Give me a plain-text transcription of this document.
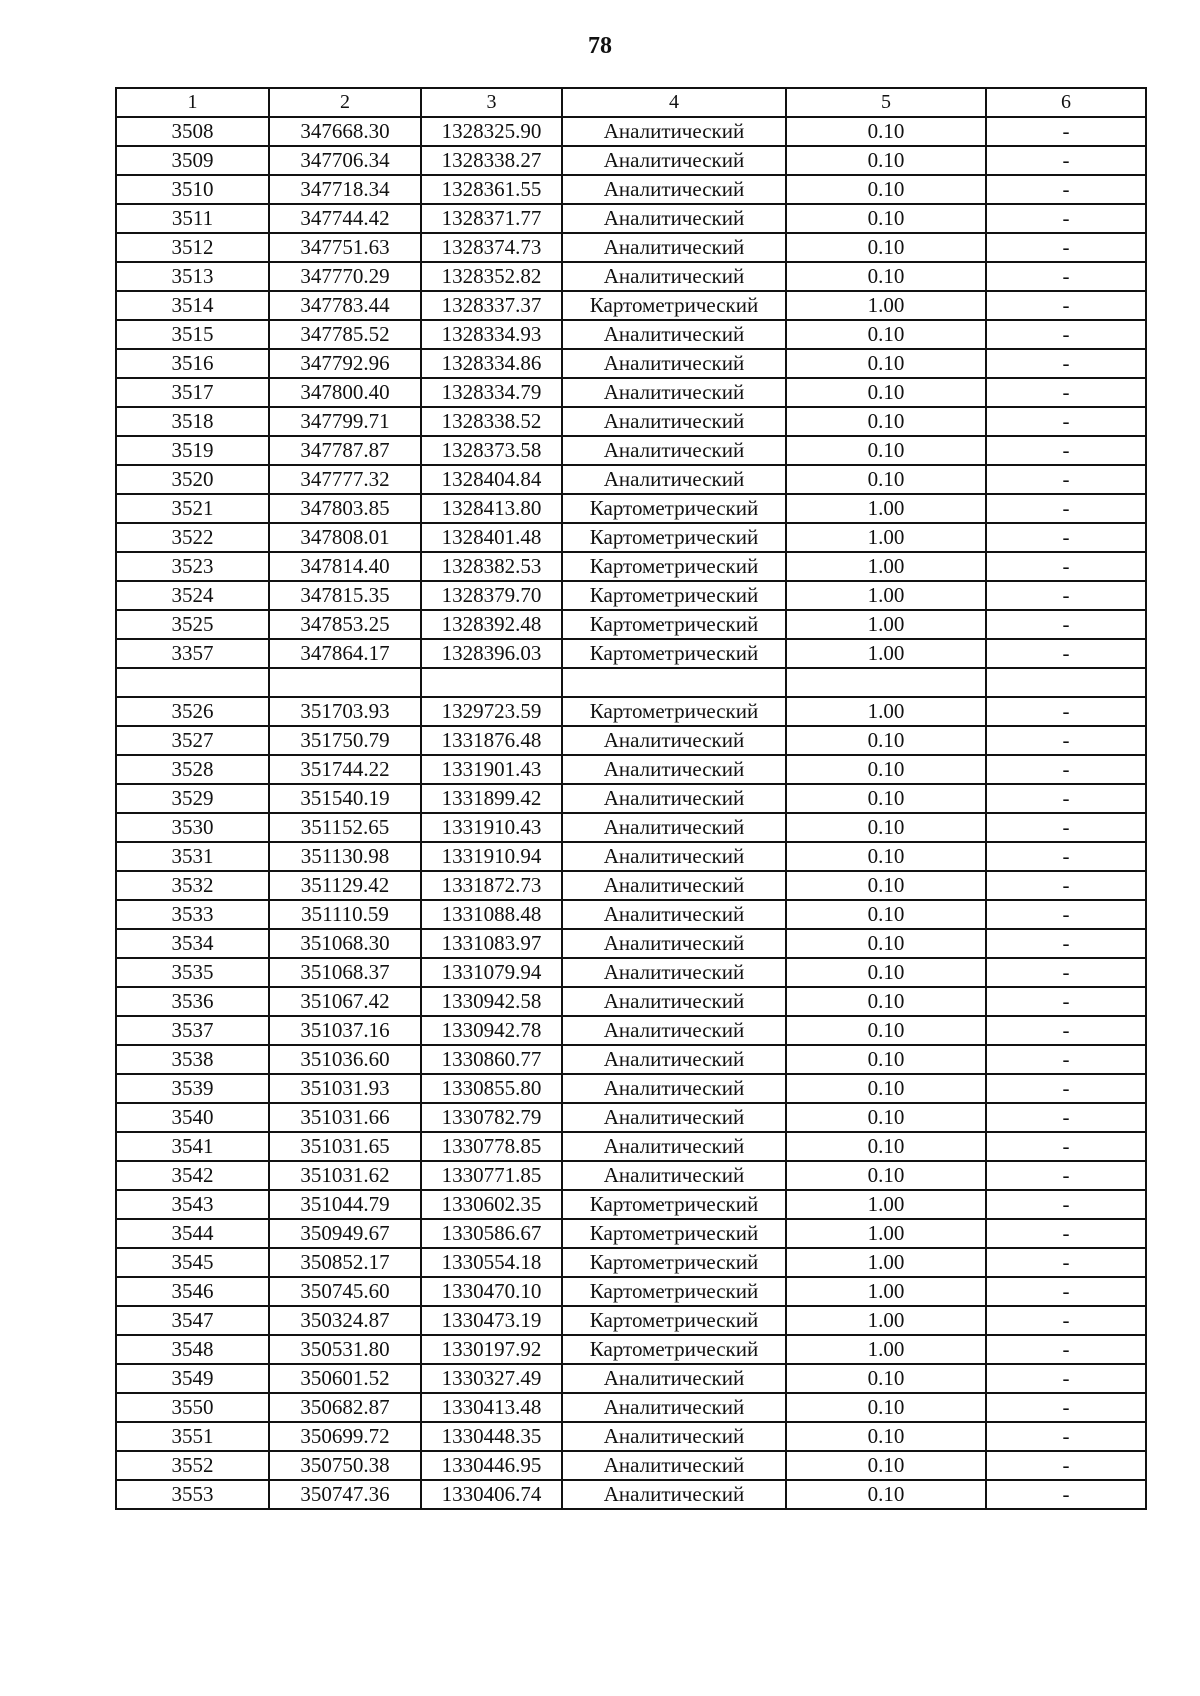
78
1	2	3	4	5	6
3508	347668.30	1328325.90	Аналитический	0.10	-
3509	347706.34	1328338.27	Аналитический	0.10	-
3510	347718.34	1328361.55	Аналитический	0.10	-
3511	347744.42	1328371.77	Аналитический	0.10	-
3512	347751.63	1328374.73	Аналитический	0.10	-
3513	347770.29	1328352.82	Аналитический	0.10	-
3514	347783.44	1328337.37	Картометрический	1.00	-
3515	347785.52	1328334.93	Аналитический	0.10	-
3516	347792.96	1328334.86	Аналитический	0.10	-
3517	347800.40	1328334.79	Аналитический	0.10	-
3518	347799.71	1328338.52	Аналитический	0.10	-
3519	347787.87	1328373.58	Аналитический	0.10	-
3520	347777.32	1328404.84	Аналитический	0.10	-
3521	347803.85	1328413.80	Картометрический	1.00	-
3522	347808.01	1328401.48	Картометрический	1.00	-
3523	347814.40	1328382.53	Картометрический	1.00	-
3524	347815.35	1328379.70	Картометрический	1.00	-
3525	347853.25	1328392.48	Картометрический	1.00	-
3357	347864.17	1328396.03	Картометрический	1.00	-

3526	351703.93	1329723.59	Картометрический	1.00	-
3527	351750.79	1331876.48	Аналитический	0.10	-
3528	351744.22	1331901.43	Аналитический	0.10	-
3529	351540.19	1331899.42	Аналитический	0.10	-
3530	351152.65	1331910.43	Аналитический	0.10	-
3531	351130.98	1331910.94	Аналитический	0.10	-
3532	351129.42	1331872.73	Аналитический	0.10	-
3533	351110.59	1331088.48	Аналитический	0.10	-
3534	351068.30	1331083.97	Аналитический	0.10	-
3535	351068.37	1331079.94	Аналитический	0.10	-
3536	351067.42	1330942.58	Аналитический	0.10	-
3537	351037.16	1330942.78	Аналитический	0.10	-
3538	351036.60	1330860.77	Аналитический	0.10	-
3539	351031.93	1330855.80	Аналитический	0.10	-
3540	351031.66	1330782.79	Аналитический	0.10	-
3541	351031.65	1330778.85	Аналитический	0.10	-
3542	351031.62	1330771.85	Аналитический	0.10	-
3543	351044.79	1330602.35	Картометрический	1.00	-
3544	350949.67	1330586.67	Картометрический	1.00	-
3545	350852.17	1330554.18	Картометрический	1.00	-
3546	350745.60	1330470.10	Картометрический	1.00	-
3547	350324.87	1330473.19	Картометрический	1.00	-
3548	350531.80	1330197.92	Картометрический	1.00	-
3549	350601.52	1330327.49	Аналитический	0.10	-
3550	350682.87	1330413.48	Аналитический	0.10	-
3551	350699.72	1330448.35	Аналитический	0.10	-
3552	350750.38	1330446.95	Аналитический	0.10	-
3553	350747.36	1330406.74	Аналитический	0.10	-
